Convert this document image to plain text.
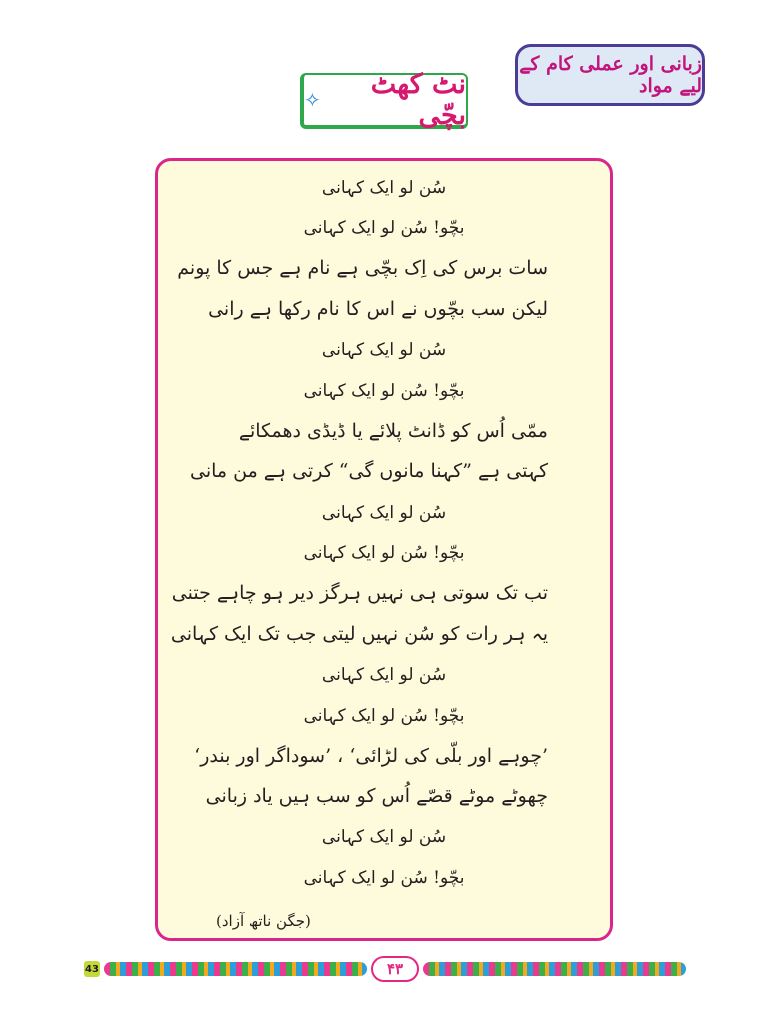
زبانی اور عملی کام کے لیے مواد
نٹ کھٹ بچّی
✧
سُن لو ایک کہانی
بچّو! سُن لو ایک کہانی
سات برس کی اِک بچّی ہے نام ہے جس کا پونم
لیکن سب بچّوں نے اس کا نام رکھا ہے رانی
سُن لو ایک کہانی
بچّو! سُن لو ایک کہانی
ممّی اُس کو ڈانٹ پلائے یا ڈیڈی دھمکائے
کہتی ہے ”کہنا مانوں گی“ کرتی ہے من مانی
سُن لو ایک کہانی
بچّو! سُن لو ایک کہانی
تب تک سوتی ہی نہیں ہرگز دیر ہو چاہے جتنی
یہ ہر رات کو سُن نہیں لیتی جب تک ایک کہانی
سُن لو ایک کہانی
بچّو! سُن لو ایک کہانی
’چوہے اور بلّی کی لڑائی‘ ، ’سوداگر اور بندر‘
چھوٹے موٹے قصّے اُس کو سب ہیں یاد زبانی
سُن لو ایک کہانی
بچّو! سُن لو ایک کہانی
(جگن ناتھ آزاد)
43	۴۳
